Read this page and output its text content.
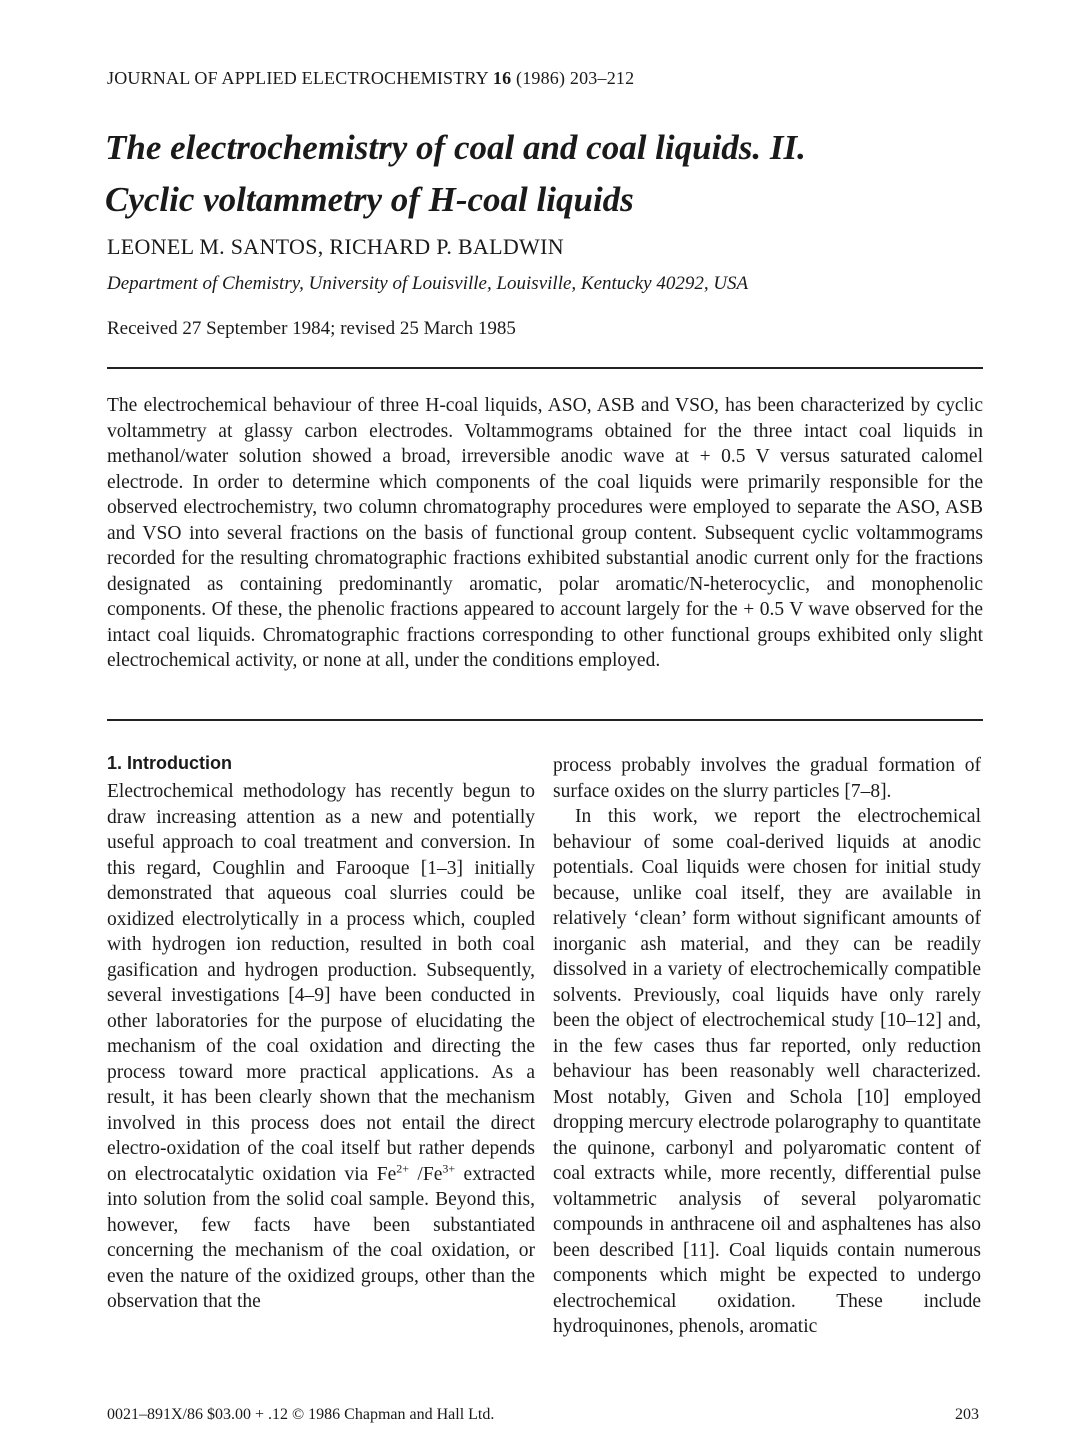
JOURNAL OF APPLIED ELECTROCHEMISTRY 16 (1986) 203–212
The electrochemistry of coal and coal liquids. II.
Cyclic voltammetry of H-coal liquids
LEONEL M. SANTOS, RICHARD P. BALDWIN
Department of Chemistry, University of Louisville, Louisville, Kentucky 40292, USA
Received 27 September 1984; revised 25 March 1985

The electrochemical behaviour of three H-coal liquids, ASO, ASB and VSO, has been characterized by cyclic voltammetry at glassy carbon electrodes. Voltammograms obtained for the three intact coal liquids in methanol/water solution showed a broad, irreversible anodic wave at + 0.5 V versus saturated calomel electrode. In order to determine which components of the coal liquids were primarily responsible for the observed electrochemistry, two column chromatography procedures were employed to separate the ASO, ASB and VSO into several fractions on the basis of functional group content. Subsequent cyclic voltammograms recorded for the resulting chromatographic fractions exhibited substantial anodic current only for the fractions designated as containing predominantly aromatic, polar aromatic/N-heterocyclic, and monophenolic components. Of these, the phenolic fractions appeared to account largely for the + 0.5 V wave observed for the intact coal liquids. Chromatographic fractions corresponding to other functional groups exhibited only slight electrochemical activity, or none at all, under the conditions employed.

1. Introduction

Electrochemical methodology has recently begun to draw increasing attention as a new and potentially useful approach to coal treatment and conversion. In this regard, Coughlin and Farooque [1–3] initially demonstrated that aqueous coal slurries could be oxidized electrolytically in a process which, coupled with hydrogen ion reduction, resulted in both coal gasification and hydrogen production. Subsequently, several investigations [4–9] have been conducted in other laboratories for the purpose of elucidating the mechanism of the coal oxidation and directing the process toward more practical applications. As a result, it has been clearly shown that the mechanism involved in this process does not entail the direct electro-oxidation of the coal itself but rather depends on electrocatalytic oxidation via $Fe^{2+}$ $/Fe^{3+}$ extracted into solution from the solid coal sample. Beyond this, however, few facts have been substantiated concerning the mechanism of the coal oxidation, or even the nature of the oxidized groups, other than the observation that the

process probably involves the gradual formation of surface oxides on the slurry particles [7–8].

In this work, we report the electrochemical behaviour of some coal-derived liquids at anodic potentials. Coal liquids were chosen for initial study because, unlike coal itself, they are available in relatively ‘clean’ form without significant amounts of inorganic ash material, and they can be readily dissolved in a variety of electrochemically compatible solvents. Previously, coal liquids have only rarely been the object of electrochemical study [10–12] and, in the few cases thus far reported, only reduction behaviour has been reasonably well characterized. Most notably, Given and Schola [10] employed dropping mercury electrode polarography to quantitate the quinone, carbonyl and polyaromatic content of coal extracts while, more recently, differential pulse voltammetric analysis of several polyaromatic compounds in anthracene oil and asphaltenes has also been described [11]. Coal liquids contain numerous components which might be expected to undergo electrochemical oxidation. These include hydroquinones, phenols, aromatic

0021–891X/86 $03.00 + .12 © 1986 Chapman and Hall Ltd.	203
